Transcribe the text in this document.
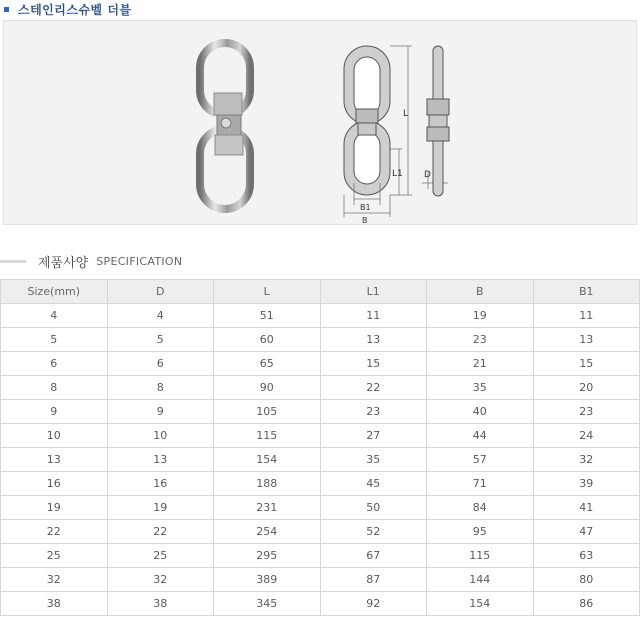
스테인리스슈벨 더블
L
L1
B1
B
D
제품사양 SPECIFICATION
Size(mm)	D	L	L1	B	B1
4	4	51	11	19	11
5	5	60	13	23	13
6	6	65	15	21	15
8	8	90	22	35	20
9	9	105	23	40	23
10	10	115	27	44	24
13	13	154	35	57	32
16	16	188	45	71	39
19	19	231	50	84	41
22	22	254	52	95	47
25	25	295	67	115	63
32	32	389	87	144	80
38	38	345	92	154	86
